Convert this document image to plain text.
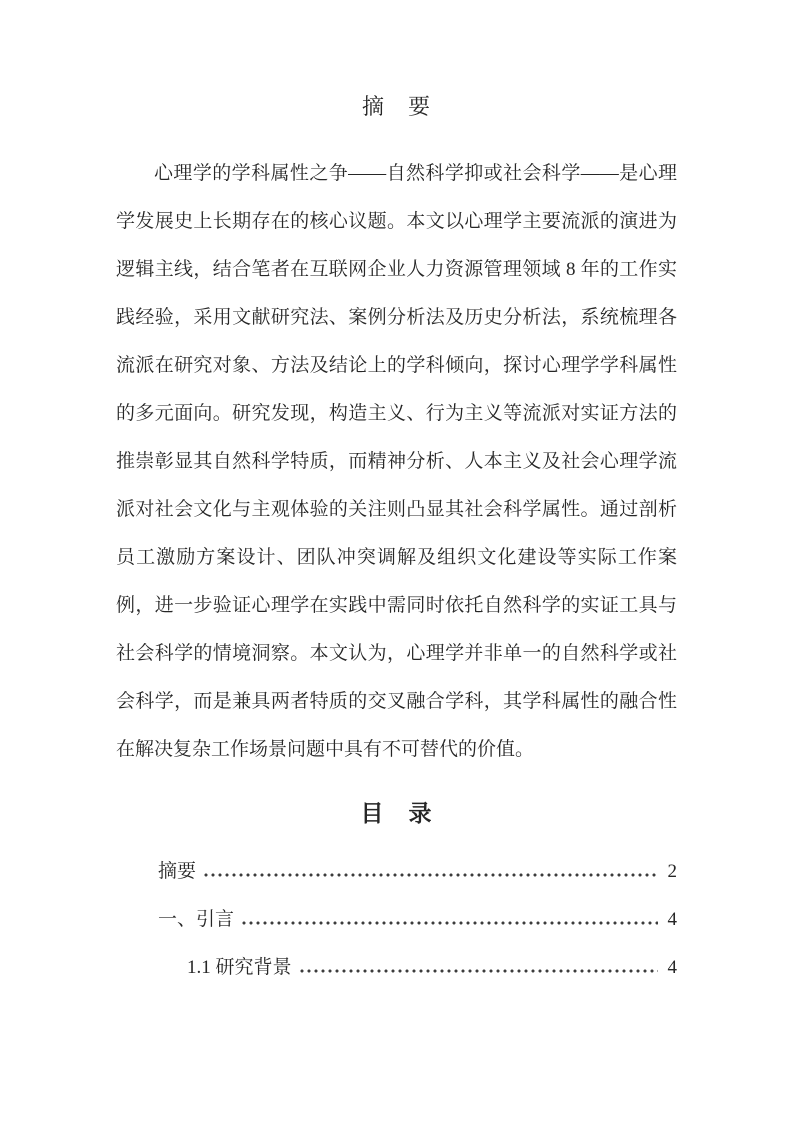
摘　要
心理学的学科属性之争——自然科学抑或社会科学——是心理
学发展史上长期存在的核心议题。本文以心理学主要流派的演进为
逻辑主线，结合笔者在互联网企业人力资源管理领域 8 年的工作实
践经验，采用文献研究法、案例分析法及历史分析法，系统梳理各
流派在研究对象、方法及结论上的学科倾向，探讨心理学学科属性
的多元面向。研究发现，构造主义、行为主义等流派对实证方法的
推崇彰显其自然科学特质，而精神分析、人本主义及社会心理学流
派对社会文化与主观体验的关注则凸显其社会科学属性。通过剖析
员工激励方案设计、团队冲突调解及组织文化建设等实际工作案
例，进一步验证心理学在实践中需同时依托自然科学的实证工具与
社会科学的情境洞察。本文认为，心理学并非单一的自然科学或社
会科学，而是兼具两者特质的交叉融合学科，其学科属性的融合性
在解决复杂工作场景问题中具有不可替代的价值。
目　录
摘要	2
一、引言	4
1.1 研究背景	4
